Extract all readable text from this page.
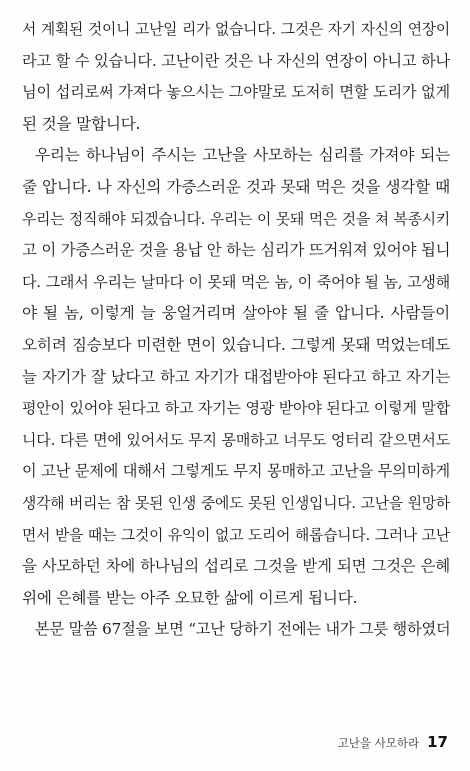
서 계획된 것이니 고난일 리가 없습니다. 그것은 자기 자신의 연장이
라고 할 수 있습니다. 고난이란 것은 나 자신의 연장이 아니고 하나
님이 섭리로써 가져다 놓으시는 그야말로 도저히 면할 도리가 없게
된 것을 말합니다.
우리는 하나님이 주시는 고난을 사모하는 심리를 가져야 되는
줄 압니다. 나 자신의 가증스러운 것과 못돼 먹은 것을 생각할 때
우리는 정직해야 되겠습니다. 우리는 이 못돼 먹은 것을 쳐 복종시키
고 이 가증스러운 것을 용납 안 하는 심리가 뜨거워져 있어야 됩니
다. 그래서 우리는 날마다 이 못돼 먹은 놈, 이 죽어야 될 놈, 고생해
야 될 놈, 이렇게 늘 웅얼거리며 살아야 될 줄 압니다. 사람들이
오히려 짐승보다 미련한 면이 있습니다. 그렇게 못돼 먹었는데도
늘 자기가 잘 났다고 하고 자기가 대접받아야 된다고 하고 자기는
평안이 있어야 된다고 하고 자기는 영광 받아야 된다고 이렇게 말합
니다. 다른 면에 있어서도 무지 몽매하고 너무도 엉터리 같으면서도
이 고난 문제에 대해서 그렇게도 무지 몽매하고 고난을 무의미하게
생각해 버리는 참 못된 인생 중에도 못된 인생입니다. 고난을 원망하
면서 받을 때는 그것이 유익이 없고 도리어 해롭습니다. 그러나 고난
을 사모하던 차에 하나님의 섭리로 그것을 받게 되면 그것은 은혜
위에 은혜를 받는 아주 오묘한 삶에 이르게 됩니다.
본문 말씀 67절을 보면 “고난 당하기 전에는 내가 그릇 행하였더
고난을 사모하라 17
